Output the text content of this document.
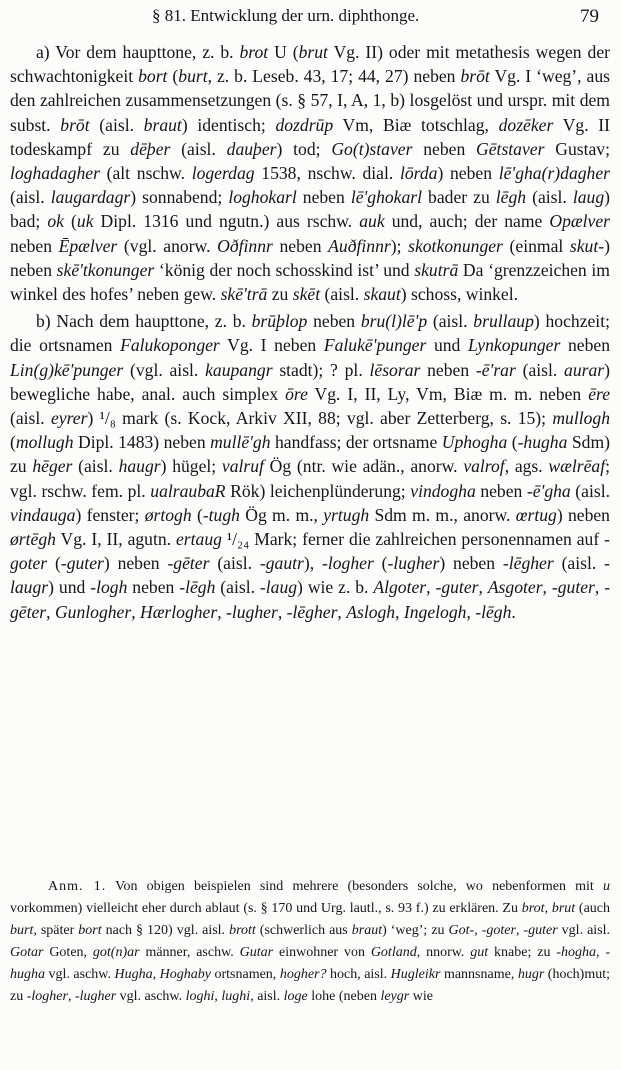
§ 81. Entwicklung der urn. diphthonge.	79

a) Vor dem haupttone, z. b. brot U (brut Vg. II) oder mit metathesis wegen der schwachtonigkeit bort (burt, z. b. Leseb. 43, 17; 44, 27) neben brōt Vg. I ‘weg’, aus den zahlreichen zusammensetzungen (s. § 57, I, A, 1, b) losgelöst und urspr. mit dem subst. brōt (aisl. braut) identisch; dozdrūp Vm, Biæ totschlag, dozēker Vg. II todeskampf zu dēþer (aisl. dauþer) tod; Go(t)staver neben Gētstaver Gustav; loghadagher (alt nschw. logerdag 1538, nschw. dial. lōrda) neben lē'gha(r)dagher (aisl. laugardagr) sonnabend; loghokarl neben lē'ghokarl bader zu lēgh (aisl. laug) bad; ok (uk Dipl. 1316 und ngutn.) aus rschw. auk und, auch; der name Opælver neben Ēpælver (vgl. anorw. Oðfinnr neben Auðfinnr); skotkonunger (einmal skut-) neben skē'tkonunger ‘könig der noch schosskind ist’ und skutrā Da ‘grenzzeichen im winkel des hofes’ neben gew. skē'trā zu skēt (aisl. skaut) schoss, winkel.

b) Nach dem haupttone, z. b. brūþlop neben bru(l)lē'p (aisl. brullaup) hochzeit; die ortsnamen Falukoponger Vg. I neben Falukē'punger und Lynkopunger neben Lin(g)kē'punger (vgl. aisl. kaupangr stadt); ? pl. lēsorar neben -ē'rar (aisl. aurar) bewegliche habe, anal. auch simplex ōre Vg. I, II, Ly, Vm, Biæ m. m. neben ēre (aisl. eyrer) ¹/₈ mark (s. Kock, Arkiv XII, 88; vgl. aber Zetterberg, s. 15); mullogh (mollugh Dipl. 1483) neben mullē'gh handfass; der ortsname Uphogha (-hugha Sdm) zu hēger (aisl. haugr) hügel; valruf Ög (ntr. wie adän., anorw. valrof, ags. wælrēaf; vgl. rschw. fem. pl. ualraubaR Rök) leichenplünderung; vindogha neben -ē'gha (aisl. vindauga) fenster; ørtogh (-tugh Ög m. m., yrtugh Sdm m. m., anorw. œrtug) neben ørtēgh Vg. I, II, agutn. ertaug ¹/₂₄ Mark; ferner die zahlreichen personennamen auf -goter (-guter) neben -gēter (aisl. -gautr), -logher (-lugher) neben -lēgher (aisl. -laugr) und -logh neben -lēgh (aisl. -laug) wie z. b. Algoter, -guter, Asgoter, -guter, -gēter, Gunlogher, Hærlogher, -lugher, -lēgher, Aslogh, Ingelogh, -lēgh.

Anm. 1. Von obigen beispielen sind mehrere (besonders solche, wo nebenformen mit u vorkommen) vielleicht eher durch ablaut (s. § 170 und Urg. lautl., s. 93 f.) zu erklären. Zu brot, brut (auch burt, später bort nach § 120) vgl. aisl. brott (schwerlich aus braut) ‘weg’; zu Got-, -goter, -guter vgl. aisl. Gotar Goten, got(n)ar männer, aschw. Gutar einwohner von Gotland, nnorw. gut knabe; zu -hogha, -hugha vgl. aschw. Hugha, Hoghaby ortsnamen, hogher? hoch, aisl. Hugleikr mannsname, hugr (hoch)mut; zu -logher, -lugher vgl. aschw. loghi, lughi, aisl. loge lohe (neben leygr wie
